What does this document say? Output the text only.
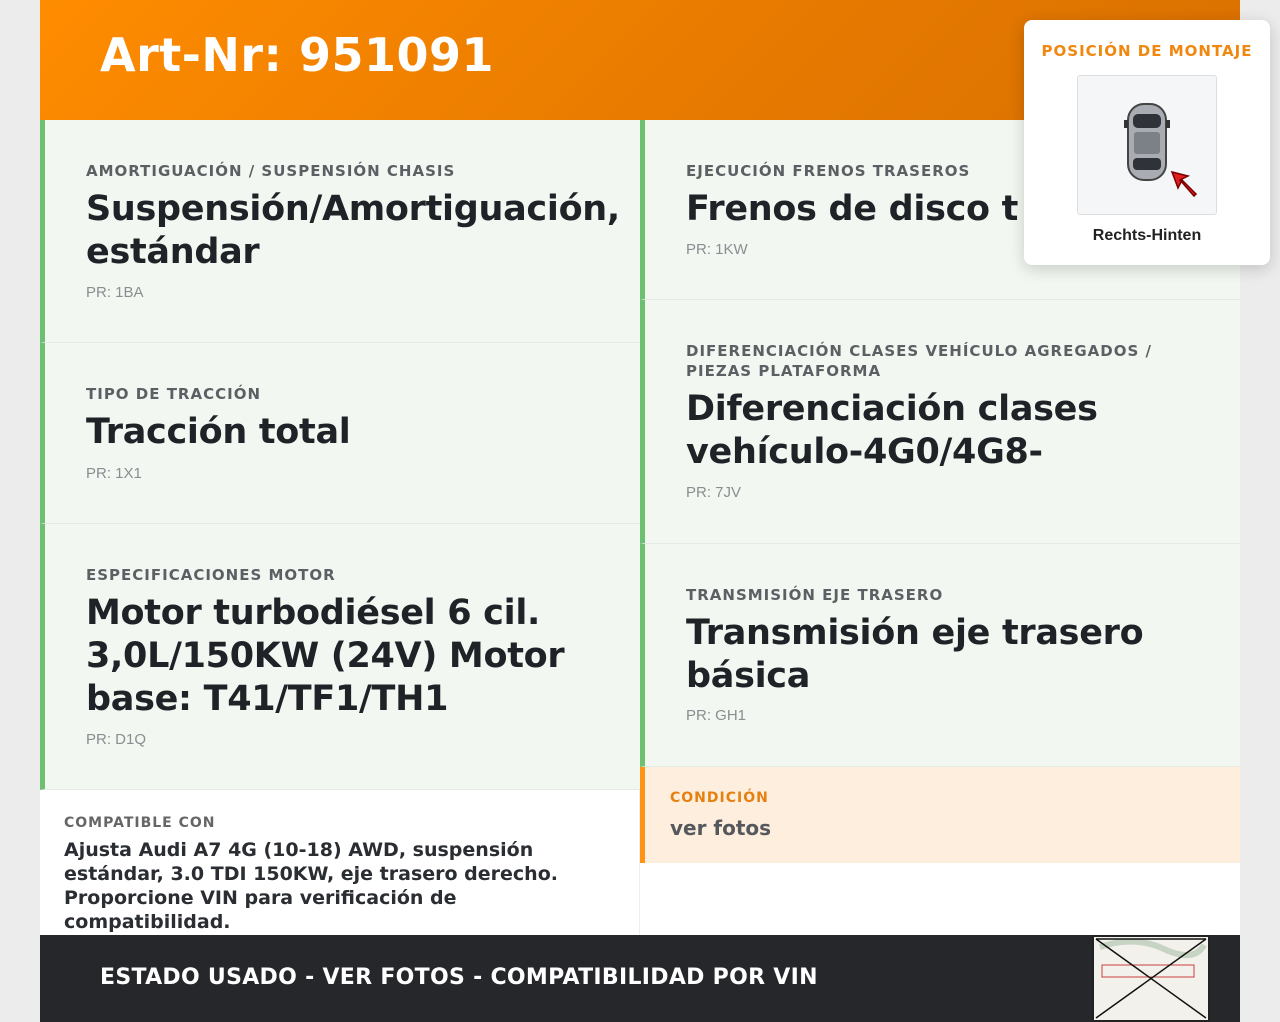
Art-Nr: 951091
AMORTIGUACIÓN / SUSPENSIÓN CHASIS
Suspensión/Amortiguación, estándar
PR: 1BA
TIPO DE TRACCIÓN
Tracción total
PR: 1X1
ESPECIFICACIONES MOTOR
Motor turbodiésel 6 cil. 3,0L/150KW (24V) Motor base: T41/TF1/TH1
PR: D1Q
EJECUCIÓN FRENOS TRASEROS
Frenos de disco t
PR: 1KW
DIFERENCIACIÓN CLASES VEHÍCULO AGREGADOS / PIEZAS PLATAFORMA
Diferenciación clases vehículo-4G0/4G8-
PR: 7JV
TRANSMISIÓN EJE TRASERO
Transmisión eje trasero básica
PR: GH1
COMPATIBLE CON
Ajusta Audi A7 4G (10-18) AWD, suspensión estándar, 3.0 TDI 150KW, eje trasero derecho. Proporcione VIN para verificación de compatibilidad.
CONDICIÓN
ver fotos
ESTADO USADO - VER FOTOS - COMPATIBILIDAD POR VIN
POSICIÓN DE MONTAJE
Rechts-Hinten
